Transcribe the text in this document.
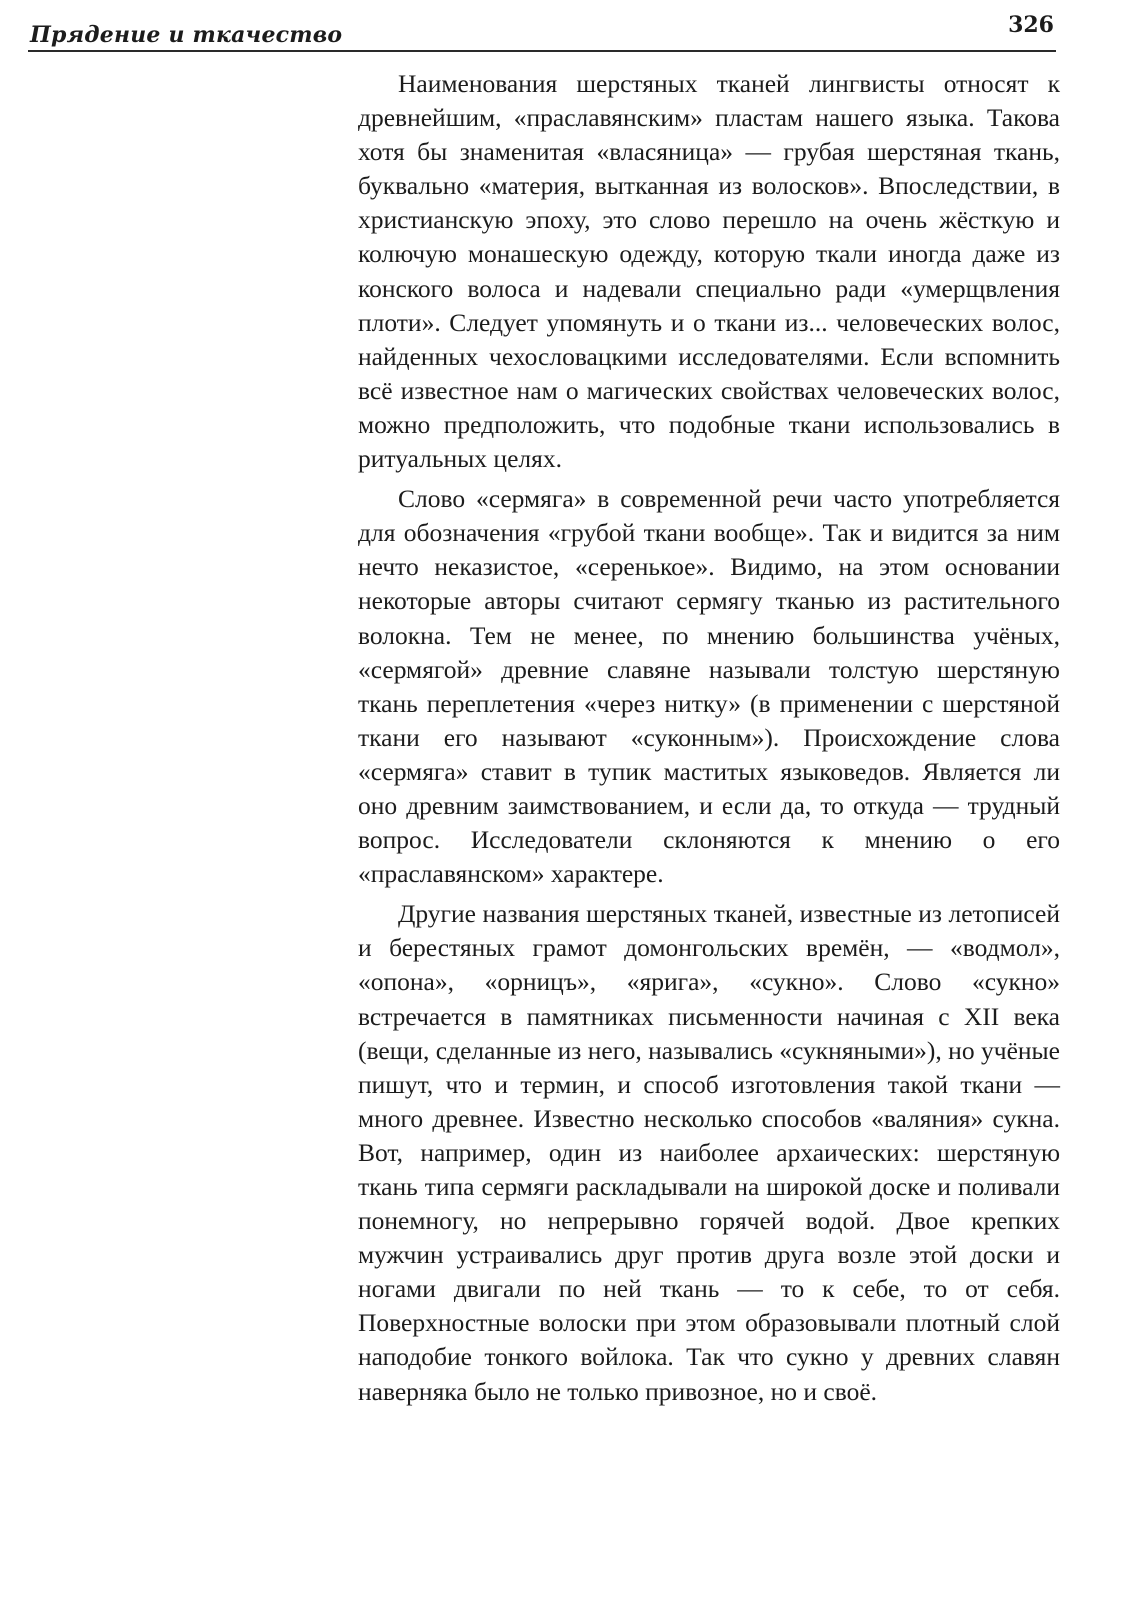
Прядение и ткачество	326

Наименования шерстяных тканей лингвисты относят к древнейшим, «праславянским» пластам нашего языка. Такова хотя бы знаменитая «власяница» — грубая шерстяная ткань, буквально «материя, вытканная из волосков». Впоследствии, в христианскую эпоху, это слово перешло на очень жёсткую и колючую монашескую одежду, которую ткали иногда даже из конского волоса и надевали специально ради «умерщвления плоти». Следует упомянуть и о ткани из... человеческих волос, найденных чехословацкими исследователями. Если вспомнить всё известное нам о магических свойствах человеческих волос, можно предположить, что подобные ткани использовались в ритуальных целях.

Слово «сермяга» в современной речи часто употребляется для обозначения «грубой ткани вообще». Так и видится за ним нечто неказистое, «серенькое». Видимо, на этом основании некоторые авторы считают сермягу тканью из растительного волокна. Тем не менее, по мнению большинства учёных, «сермягой» древние славяне называли толстую шерстяную ткань переплетения «через нитку» (в применении с шерстяной ткани его называют «суконным»). Происхождение слова «сермяга» ставит в тупик маститых языковедов. Является ли оно древним заимствованием, и если да, то откуда — трудный вопрос. Исследователи склоняются к мнению о его «праславянском» характере.

Другие названия шерстяных тканей, известные из летописей и берестяных грамот домонгольских времён, — «водмол», «опона», «орницъ», «ярига», «сукно». Слово «сукно» встречается в памятниках письменности начиная с XII века (вещи, сделанные из него, назывались «сукняными»), но учёные пишут, что и термин, и способ изготовления такой ткани — много древнее. Известно несколько способов «валяния» сукна. Вот, например, один из наиболее архаических: шерстяную ткань типа сермяги раскладывали на широкой доске и поливали понемногу, но непрерывно горячей водой. Двое крепких мужчин устраивались друг против друга возле этой доски и ногами двигали по ней ткань — то к себе, то от себя. Поверхностные волоски при этом образовывали плотный слой наподобие тонкого войлока. Так что сукно у древних славян наверняка было не только привозное, но и своё.
